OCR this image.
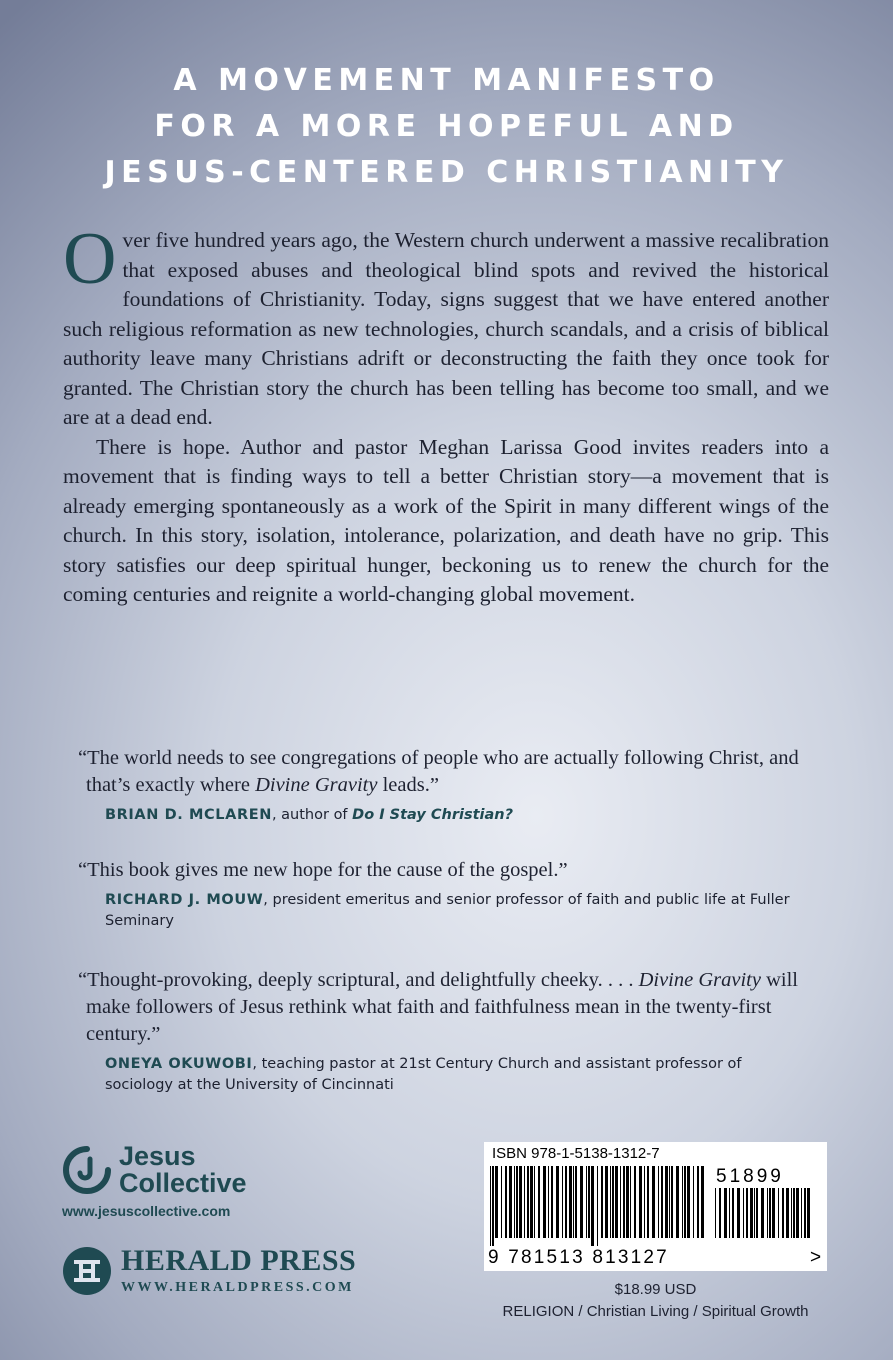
A MOVEMENT MANIFESTO
FOR A MORE HOPEFUL AND
JESUS-CENTERED CHRISTIANITY

Over five hundred years ago, the Western church underwent a massive recalibration that exposed abuses and theological blind spots and revived the historical foundations of Christianity. Today, signs suggest that we have entered another such religious reformation as new technologies, church scandals, and a crisis of biblical authority leave many Christians adrift or deconstructing the faith they once took for granted. The Christian story the church has been telling has become too small, and we are at a dead end.

There is hope. Author and pastor Meghan Larissa Good invites readers into a movement that is finding ways to tell a better Christian story—a movement that is already emerging spontaneously as a work of the Spirit in many different wings of the church. In this story, isolation, intolerance, polarization, and death have no grip. This story satisfies our deep spiritual hunger, beckoning us to renew the church for the coming centuries and reignite a world-changing global movement.

“The world needs to see congregations of people who are actually following Christ, and that’s exactly where Divine Gravity leads.”

BRIAN D. MCLAREN, author of Do I Stay Christian?

“This book gives me new hope for the cause of the gospel.”

RICHARD J. MOUW, president emeritus and senior professor of faith and public life at Fuller Seminary

“Thought-provoking, deeply scriptural, and delightfully cheeky. . . . Divine Gravity will make followers of Jesus rethink what faith and faithfulness mean in the twenty-first century.”

ONEYA OKUWOBI, teaching pastor at 21st Century Church and assistant professor of sociology at the University of Cincinnati
Jesus
Collective
www.jesuscollective.com
HERALD PRESS
WWW.HERALDPRESS.COM
ISBN 978-1-5138-1312-7
51899
9 781513 813127	>
$18.99 USD
RELIGION / Christian Living / Spiritual Growth
